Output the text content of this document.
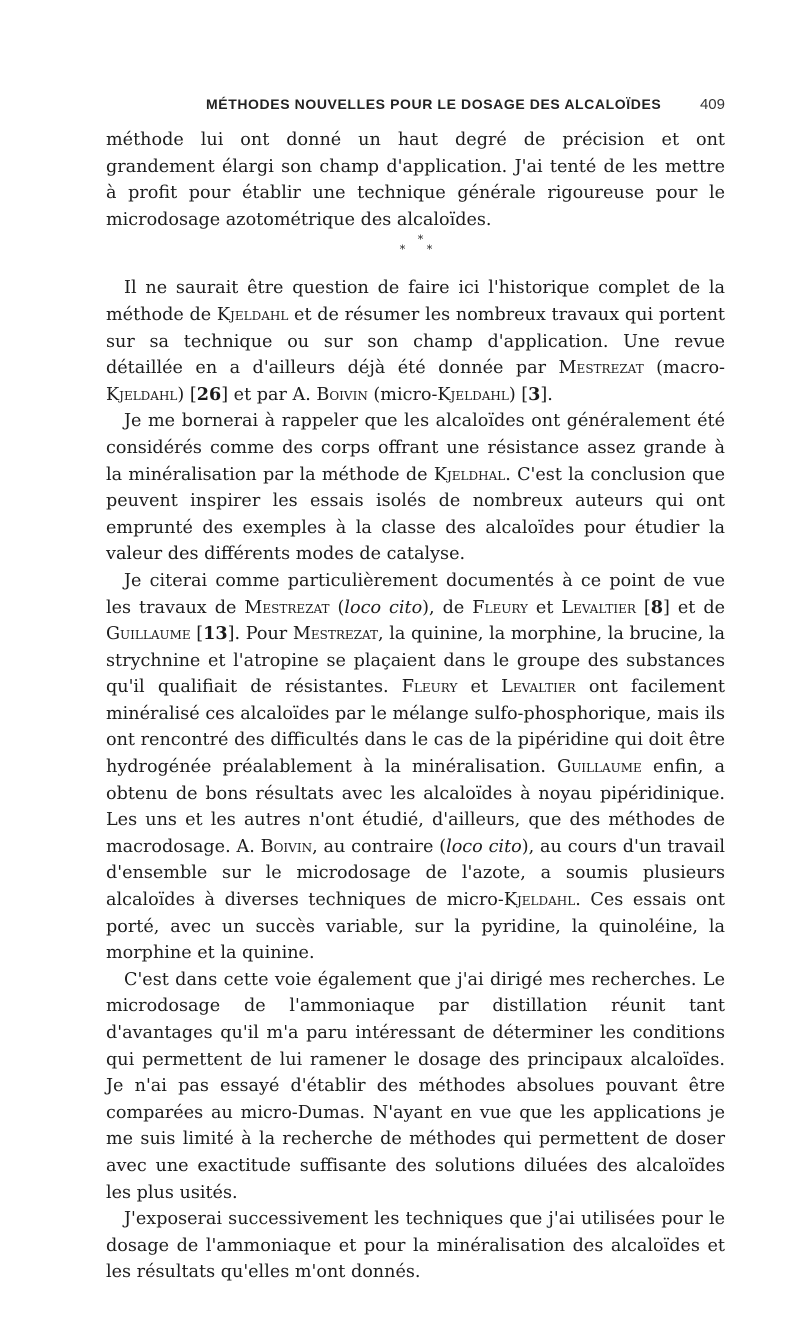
MÉTHODES NOUVELLES POUR LE DOSAGE DES ALCALOÏDES	409

méthode lui ont donné un haut degré de précision et ont grandement élargi son champ d'application. J'ai tenté de les mettre à profit pour établir une technique générale rigoureuse pour le microdosage azotométrique des alcaloïdes.

*
* *

Il ne saurait être question de faire ici l'historique complet de la méthode de Kjeldahl et de résumer les nombreux travaux qui portent sur sa technique ou sur son champ d'application. Une revue détaillée en a d'ailleurs déjà été donnée par Mestrezat (macro-Kjeldahl) [26] et par A. Boivin (micro-Kjeldahl) [3].

Je me bornerai à rappeler que les alcaloïdes ont généralement été considérés comme des corps offrant une résistance assez grande à la minéralisation par la méthode de Kjeldhal. C'est la conclusion que peuvent inspirer les essais isolés de nombreux auteurs qui ont emprunté des exemples à la classe des alcaloïdes pour étudier la valeur des différents modes de catalyse.

Je citerai comme particulièrement documentés à ce point de vue les travaux de Mestrezat (loco cito), de Fleury et Levaltier [8] et de Guillaume [13]. Pour Mestrezat, la quinine, la morphine, la brucine, la strychnine et l'atropine se plaçaient dans le groupe des substances qu'il qualifiait de résistantes. Fleury et Levaltier ont facilement minéralisé ces alcaloïdes par le mélange sulfo-phosphorique, mais ils ont rencontré des difficultés dans le cas de la pipéridine qui doit être hydrogénée préalablement à la minéralisation. Guillaume enfin, a obtenu de bons résultats avec les alcaloïdes à noyau pipéridinique. Les uns et les autres n'ont étudié, d'ailleurs, que des méthodes de macrodosage. A. Boivin, au contraire (loco cito), au cours d'un travail d'ensemble sur le microdosage de l'azote, a soumis plusieurs alcaloïdes à diverses techniques de micro-Kjeldahl. Ces essais ont porté, avec un succès variable, sur la pyridine, la quinoléine, la morphine et la quinine.

C'est dans cette voie également que j'ai dirigé mes recherches. Le microdosage de l'ammoniaque par distillation réunit tant d'avantages qu'il m'a paru intéressant de déterminer les conditions qui permettent de lui ramener le dosage des principaux alcaloïdes. Je n'ai pas essayé d'établir des méthodes absolues pouvant être comparées au micro-Dumas. N'ayant en vue que les applications je me suis limité à la recherche de méthodes qui permettent de doser avec une exactitude suffisante des solutions diluées des alcaloïdes les plus usités.

J'exposerai successivement les techniques que j'ai utilisées pour le dosage de l'ammoniaque et pour la minéralisation des alcaloïdes et les résultats qu'elles m'ont donnés.
